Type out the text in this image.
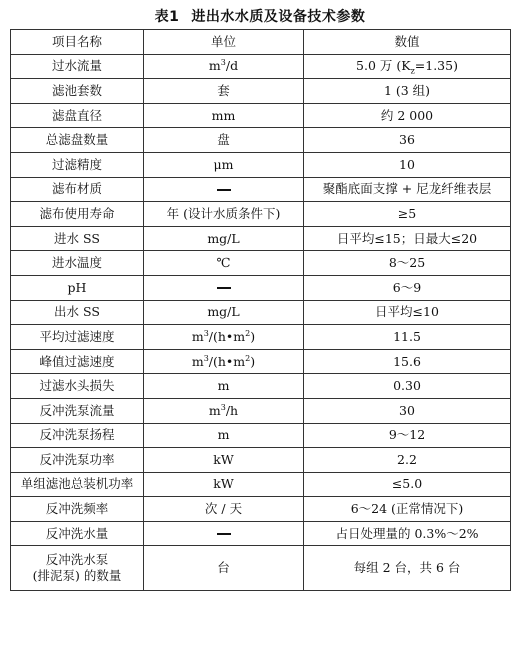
表1 进出水水质及设备技术参数
项目名称	单位	数值
过水流量	$m^3/d$	5.0 万 $(K_z=1.35)$
滤池套数	套	1 (3 组)
滤盘直径	mm	约 2 000
总滤盘数量	盘	36
过滤精度	μm	10
滤布材质		聚酯底面支撑 + 尼龙纤维表层
滤布使用寿命	年 (设计水质条件下)	≥5
进水 SS	mg/L	日平均≤15；日最大≤20
进水温度	℃	8～25
pH		6～9
出水 SS	mg/L	日平均≤10
平均过滤速度	$m^3/(h•m^2)$	11.5
峰值过滤速度	$m^3/(h•m^2)$	15.6
过滤水头损失	m	0.30
反冲洗泵流量	$m^3/h$	30
反冲洗泵扬程	m	9～12
反冲洗泵功率	kW	2.2
单组滤池总装机功率	kW	≤5.0
反冲洗频率	次 / 天	6～24 (正常情况下)
反冲洗水量		占日处理量的 0.3%～2%
反冲洗水泵
(排泥泵) 的数量	台	每组 2 台，共 6 台
